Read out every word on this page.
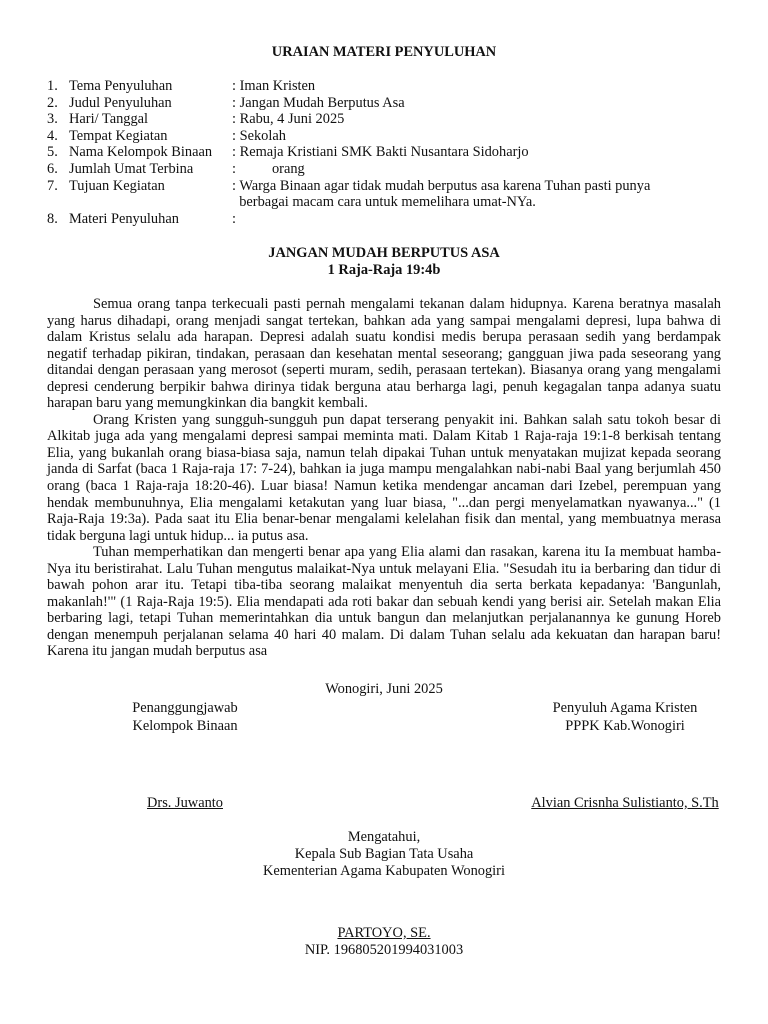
URAIAN MATERI PENYULUHAN
1. Tema Penyuluhan	: Iman Kristen
2. Judul Penyuluhan	: Jangan Mudah Berputus Asa
3. Hari/ Tanggal	: Rabu, 4 Juni 2025
4. Tempat Kegiatan	: Sekolah
5. Nama Kelompok Binaan : Remaja Kristiani SMK Bakti Nusantara Sidoharjo
6. Jumlah Umat Terbina	:          orang
7. Tujuan Kegiatan	: Warga Binaan agar tidak mudah berputus asa karena Tuhan pasti punya
berbagai macam cara untuk memelihara umat-NYa.
8. Materi Penyuluhan	:
JANGAN MUDAH BERPUTUS ASA
1 Raja-Raja 19:4b

Semua orang tanpa terkecuali pasti pernah mengalami tekanan dalam hidupnya. Karena beratnya masalah yang harus dihadapi, orang menjadi sangat tertekan, bahkan ada yang sampai mengalami depresi, lupa bahwa di dalam Kristus selalu ada harapan. Depresi adalah suatu kondisi medis berupa perasaan sedih yang berdampak negatif terhadap pikiran, tindakan, perasaan dan kesehatan mental seseorang; gangguan jiwa pada seseorang yang ditandai dengan perasaan yang merosot (seperti muram, sedih, perasaan tertekan). Biasanya orang yang mengalami depresi cenderung berpikir bahwa dirinya tidak berguna atau berharga lagi, penuh kegagalan tanpa adanya suatu harapan baru yang memungkinkan dia bangkit kembali.

Orang Kristen yang sungguh-sungguh pun dapat terserang penyakit ini. Bahkan salah satu tokoh besar di Alkitab juga ada yang mengalami depresi sampai meminta mati. Dalam Kitab 1 Raja-raja 19:1-8 berkisah tentang Elia, yang bukanlah orang biasa-biasa saja, namun telah dipakai Tuhan untuk menyatakan mujizat kepada seorang janda di Sarfat (baca 1 Raja-raja 17: 7-24), bahkan ia juga mampu mengalahkan nabi-nabi Baal yang berjumlah 450 orang (baca 1 Raja-raja 18:20-46). Luar biasa! Namun ketika mendengar ancaman dari Izebel, perempuan yang hendak membunuhnya, Elia mengalami ketakutan yang luar biasa, "...dan pergi menyelamatkan nyawanya..." (1 Raja-Raja 19:3a). Pada saat itu Elia benar-benar mengalami kelelahan fisik dan mental, yang membuatnya merasa tidak berguna lagi untuk hidup... ia putus asa.

Tuhan memperhatikan dan mengerti benar apa yang Elia alami dan rasakan, karena itu Ia membuat hamba-Nya itu beristirahat. Lalu Tuhan mengutus malaikat-Nya untuk melayani Elia. "Sesudah itu ia berbaring dan tidur di bawah pohon arar itu. Tetapi tiba-tiba seorang malaikat menyentuh dia serta berkata kepadanya: 'Bangunlah, makanlah!'" (1 Raja-Raja 19:5). Elia mendapati ada roti bakar dan sebuah kendi yang berisi air. Setelah makan Elia berbaring lagi, tetapi Tuhan memerintahkan dia untuk bangun dan melanjutkan perjalanannya ke gunung Horeb dengan menempuh perjalanan selama 40 hari 40 malam. Di dalam Tuhan selalu ada kekuatan dan harapan baru! Karena itu jangan mudah berputus asa

Wonogiri, Juni 2025
Penanggungjawab
Kelompok Binaan
Drs. Juwanto
Penyuluh Agama Kristen
PPPK Kab.Wonogiri
Alvian Crisnha Sulistianto, S.Th
Mengatahui,
Kepala Sub Bagian Tata Usaha
Kementerian Agama Kabupaten Wonogiri
PARTOYO, SE.
NIP. 196805201994031003
